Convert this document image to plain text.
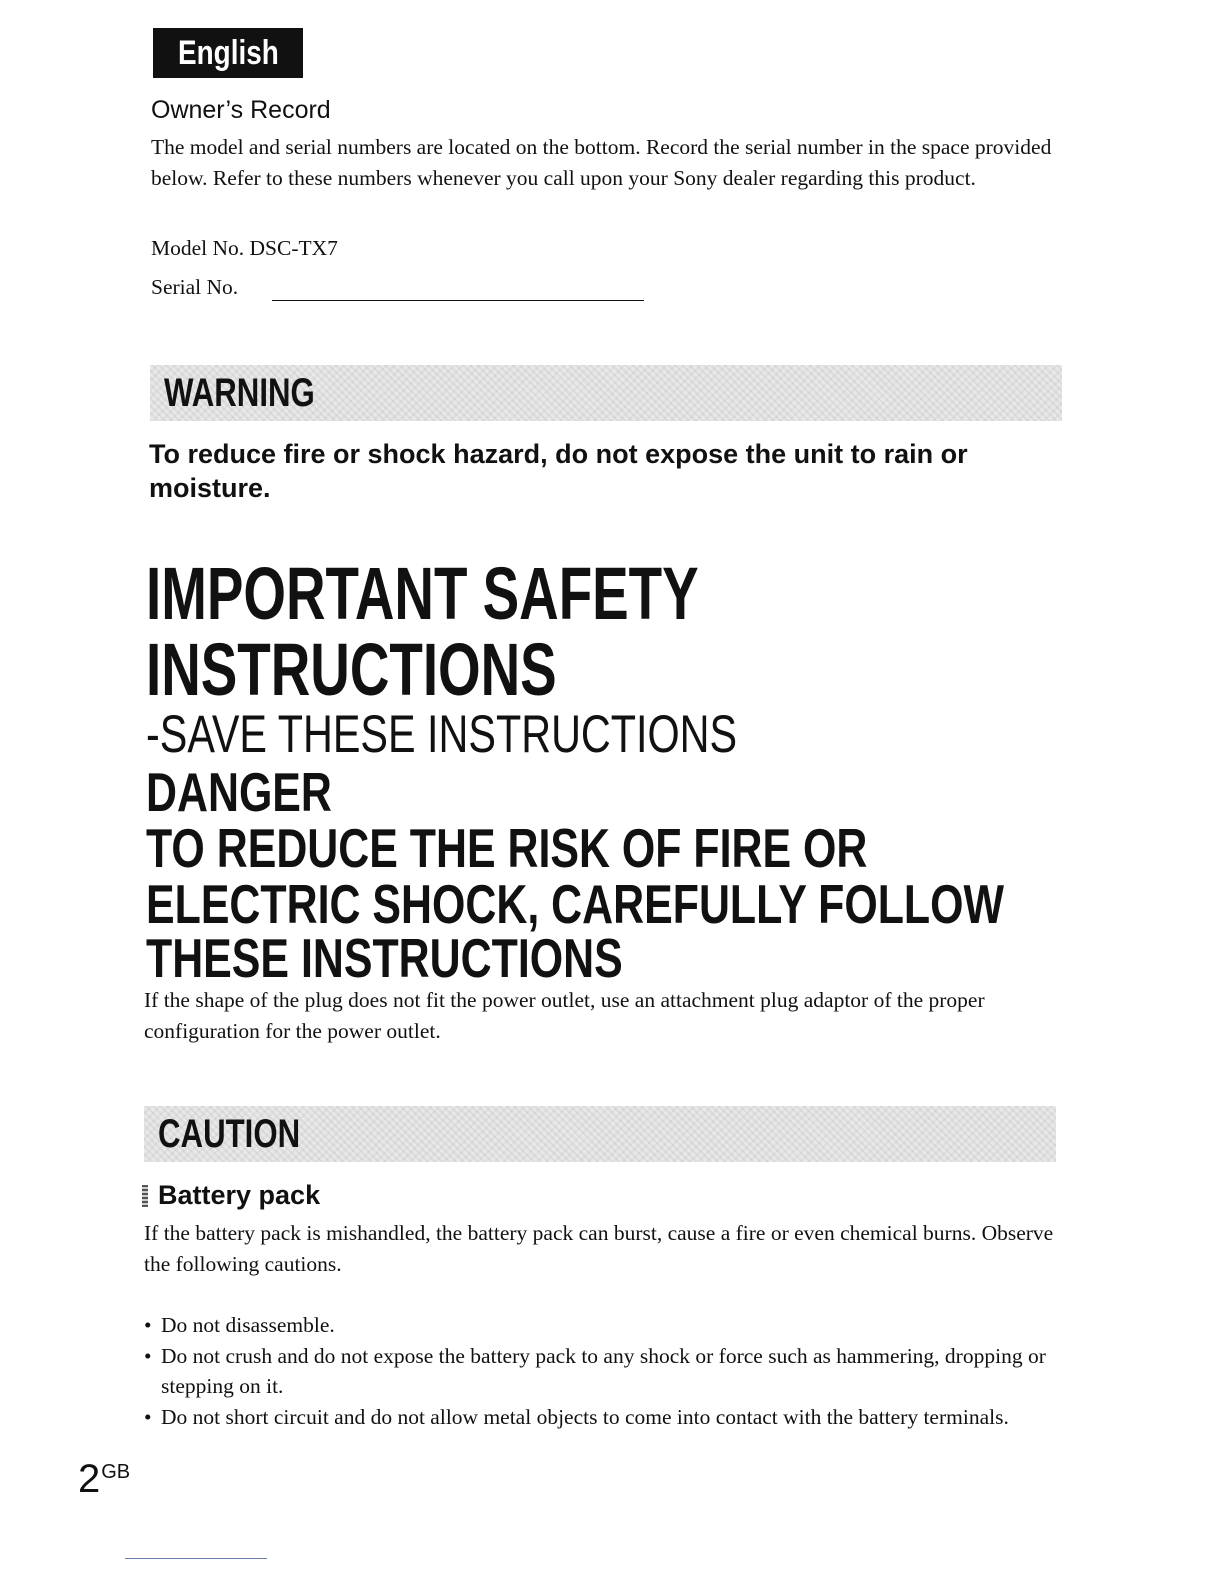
English
Owner’s Record
The model and serial numbers are located on the bottom. Record the serial number in the space provided below. Refer to these numbers whenever you call upon your Sony dealer regarding this product.
Model No. DSC-TX7
Serial No.
WARNING
To reduce fire or shock hazard, do not expose the unit to rain or moisture.
IMPORTANT SAFETY
INSTRUCTIONS
-SAVE THESE INSTRUCTIONS
DANGER
TO REDUCE THE RISK OF FIRE OR
ELECTRIC SHOCK, CAREFULLY FOLLOW
THESE INSTRUCTIONS
If the shape of the plug does not fit the power outlet, use an attachment plug adaptor of the proper configuration for the power outlet.
CAUTION
Battery pack
If the battery pack is mishandled, the battery pack can burst, cause a fire or even chemical burns. Observe the following cautions.
• Do not disassemble.
• Do not crush and do not expose the battery pack to any shock or force such as hammering, dropping or stepping on it.
• Do not short circuit and do not allow metal objects to come into contact with the battery terminals.
2GB
